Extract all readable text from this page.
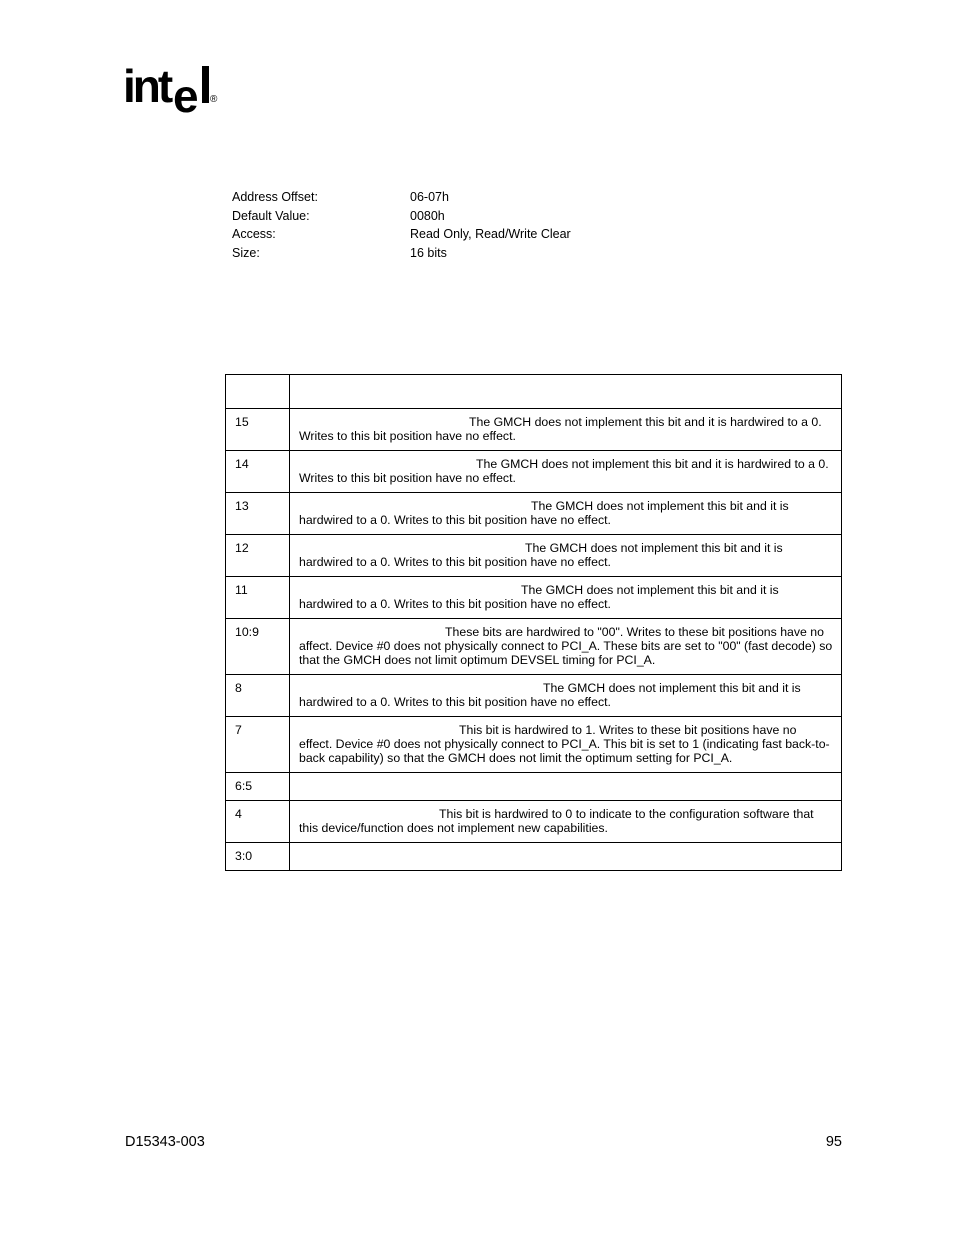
int e ®
Address Offset:	06-07h
Default Value:	0080h
Access:	Read Only, Read/Write Clear
Size:	16 bits

15	The GMCH does not implement this bit and it is hardwired to a 0. Writes to this bit position have no effect.
14	The GMCH does not implement this bit and it is hardwired to a 0. Writes to this bit position have no effect.
13	The GMCH does not implement this bit and it is hardwired to a 0. Writes to this bit position have no effect.
12	The GMCH does not implement this bit and it is hardwired to a 0. Writes to this bit position have no effect.
11	The GMCH does not implement this bit and it is hardwired to a 0. Writes to this bit position have no effect.
10:9	These bits are hardwired to "00". Writes to these bit positions have no affect. Device #0 does not physically connect to PCI_A. These bits are set to "00" (fast decode) so that the GMCH does not limit optimum DEVSEL timing for PCI_A.
8	The GMCH does not implement this bit and it is hardwired to a 0. Writes to this bit position have no effect.
7	This bit is hardwired to 1. Writes to these bit positions have no effect. Device #0 does not physically connect to PCI_A. This bit is set to 1 (indicating fast back-to-back capability) so that the GMCH does not limit the optimum setting for PCI_A.
6:5	
4	This bit is hardwired to 0 to indicate to the configuration software that this device/function does not implement new capabilities.
3:0	
D15343-003	95
